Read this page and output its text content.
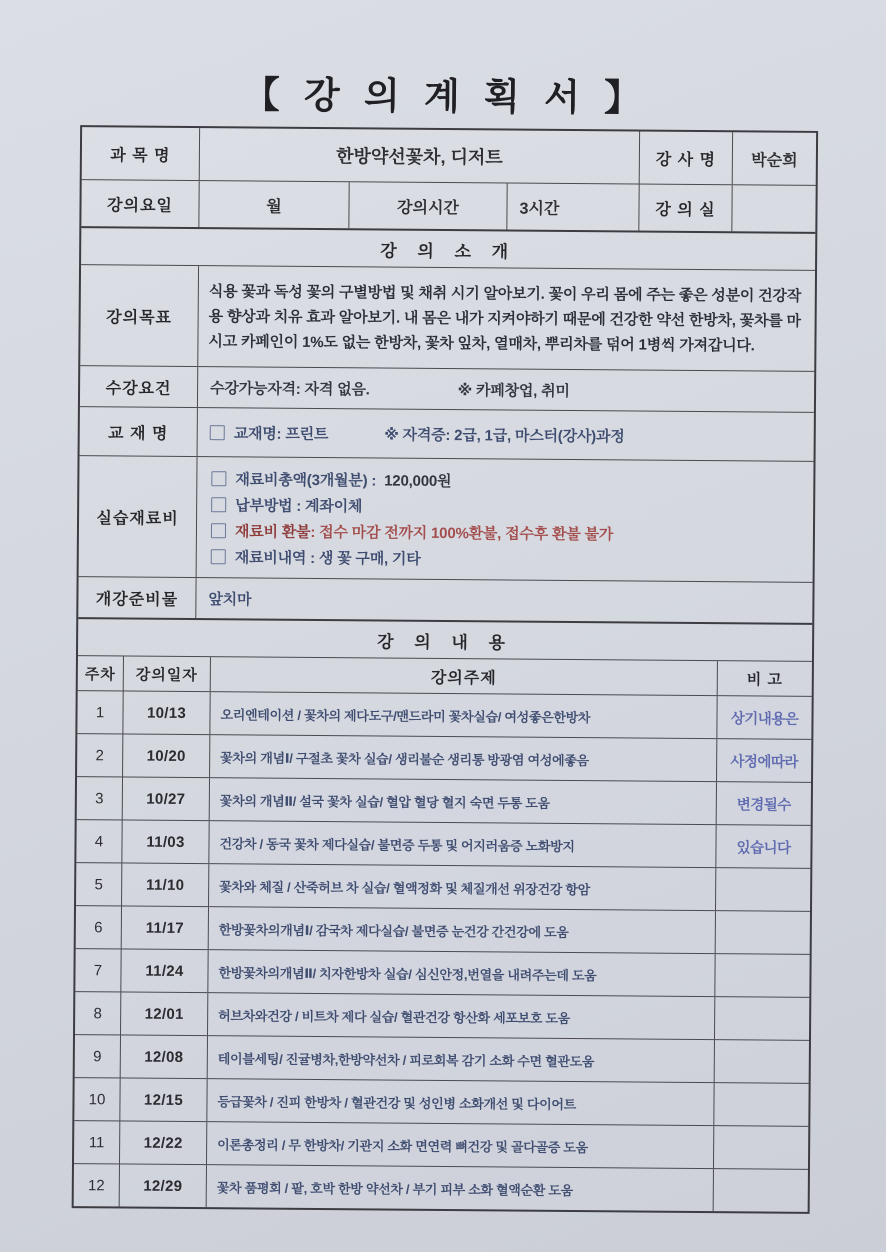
【 강 의 계 획 서 】
과 목 명	한방약선꽃차, 디저트	강 사 명	박순희
강의요일	월	강의시간	3시간	강 의 실
강 의 소 개
강의목표
식용 꽃과 독성 꽃의 구별방법 및 채취 시기 알아보기. 꽃이 우리 몸에 주는 좋은 성분이 건강작용 향상과 치유 효과 알아보기. 내 몸은 내가 지켜야하기 때문에 건강한 약선 한방차, 꽃차를 마시고 카페인이 1%도 없는 한방차, 꽃차 잎차, 열매차, 뿌리차를 덖어 1병씩 가져갑니다.
수강요건	수강가능자격: 자격 없음.	※ 카페창업, 취미
교 재 명	교재명: 프린트	※ 자격증: 2급, 1급, 마스터(강사)과정
실습재료비
재료비총액(3개월분) : 120,000원
납부방법 : 계좌이체
재료비 환불 : 접수 마감 전까지 100%환불, 접수후 환불 불가
재료비내역 : 생 꽃 구매, 기타
개강준비물	앞치마
강 의 내 용
주차	강의일자	강의주제	비 고
1	10/13	오리엔테이션 / 꽃차의 제다도구/맨드라미 꽃차실습/ 여성좋은한방차	상기내용은
2	10/20	꽃차의 개념Ⅰ/ 구절초 꽃차 실습/ 생리불순 생리통 방광염 여성에좋음	사정에따라
3	10/27	꽃차의 개념Ⅱ/ 설국 꽃차 실습/ 혈압 혈당 혈지 숙면 두통 도움	변경될수
4	11/03	건강차 / 동국 꽃차 제다실습/ 불면증 두통 및 어지러움증 노화방지	있습니다
5	11/10	꽃차와 체질 / 산죽허브 차 실습/ 혈액정화 및 체질개선 위장건강 항암
6	11/17	한방꽃차의개념Ⅰ/ 감국차 제다실습/ 불면증 눈건강 간건강에 도움
7	11/24	한방꽃차의개념Ⅱ/ 치자한방차 실습/ 심신안정,번열을 내려주는데 도움
8	12/01	허브차와건강 / 비트차 제다 실습/ 혈관건강 항산화 세포보호 도움
9	12/08	테이블세팅/ 진귤병차,한방약선차 / 피로회복 감기 소화 수면 혈관도움
10	12/15	등급꽃차 / 진피 한방차 / 혈관건강 및 성인병 소화개선 및 다이어트
11	12/22	이론총정리 / 무 한방차/ 기관지 소화 면연력 뼈건강 및 골다골증 도움
12	12/29	꽃차 품평회 / 팥, 호박 한방 약선차 / 부기 피부 소화 혈액순환 도움
